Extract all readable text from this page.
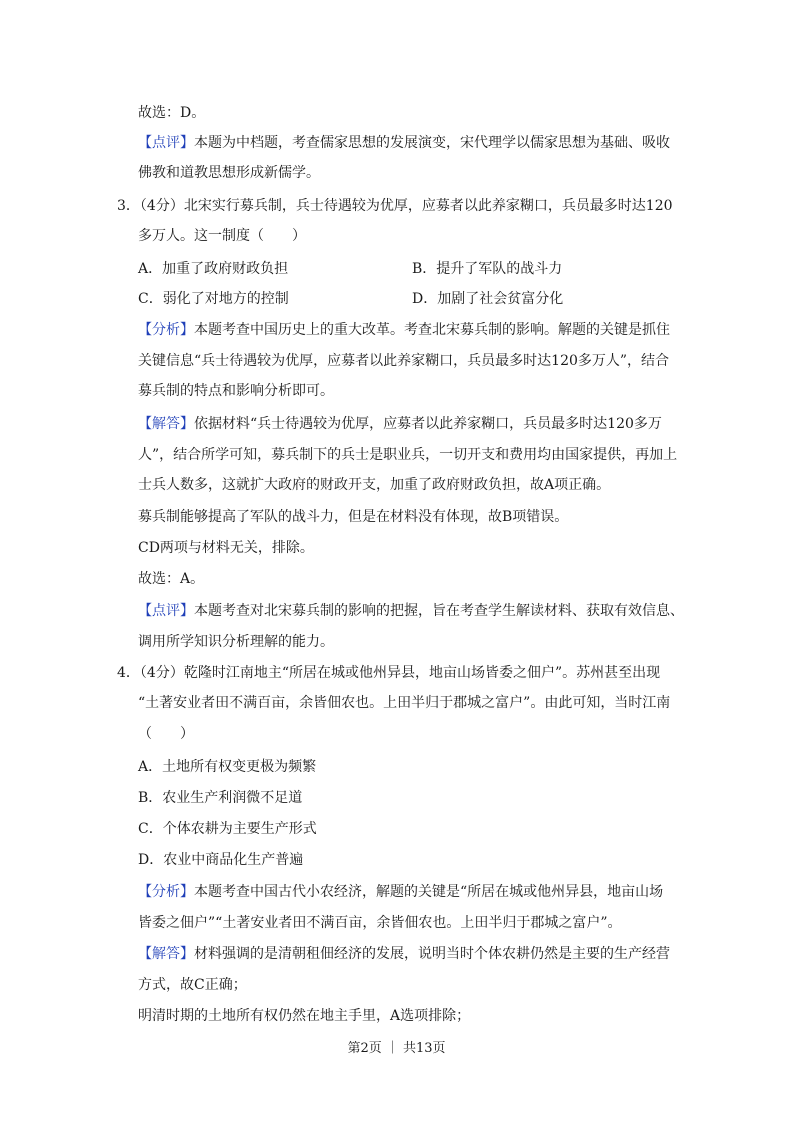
故选：D。
【点评】本题为中档题，考查儒家思想的发展演变，宋代理学以儒家思想为基础、吸收
佛教和道教思想形成新儒学。
3．（4分）北宋实行募兵制，兵士待遇较为优厚，应募者以此养家糊口，兵员最多时达120
多万人。这一制度（　　）
A．加重了政府财政负担	B．提升了军队的战斗力
C．弱化了对地方的控制	D．加剧了社会贫富分化
【分析】本题考查中国历史上的重大改革。考查北宋募兵制的影响。解题的关键是抓住
关键信息“兵士待遇较为优厚，应募者以此养家糊口，兵员最多时达120多万人”，结合
募兵制的特点和影响分析即可。
【解答】依据材料“兵士待遇较为优厚，应募者以此养家糊口，兵员最多时达120多万
人”，结合所学可知，募兵制下的兵士是职业兵，一切开支和费用均由国家提供，再加上
士兵人数多，这就扩大政府的财政开支，加重了政府财政负担，故A项正确。
募兵制能够提高了军队的战斗力，但是在材料没有体现，故B项错误。
CD两项与材料无关，排除。
故选：A。
【点评】本题考查对北宋募兵制的影响的把握，旨在考查学生解读材料、获取有效信息、
调用所学知识分析理解的能力。
4．（4分）乾隆时江南地主“所居在城或他州异县，地亩山场皆委之佃户”。苏州甚至出现
“土著安业者田不满百亩，余皆佃农也。上田半归于郡城之富户”。由此可知，当时江南
（　　）
A．土地所有权变更极为频繁
B．农业生产利润微不足道
C．个体农耕为主要生产形式
D．农业中商品化生产普遍
【分析】本题考查中国古代小农经济，解题的关键是“所居在城或他州异县，地亩山场
皆委之佃户”“土著安业者田不满百亩，余皆佃农也。上田半归于郡城之富户”。
【解答】材料强调的是清朝租佃经济的发展，说明当时个体农耕仍然是主要的生产经营
方式，故C正确；
明清时期的土地所有权仍然在地主手里，A选项排除；
第2页 ｜ 共13页
